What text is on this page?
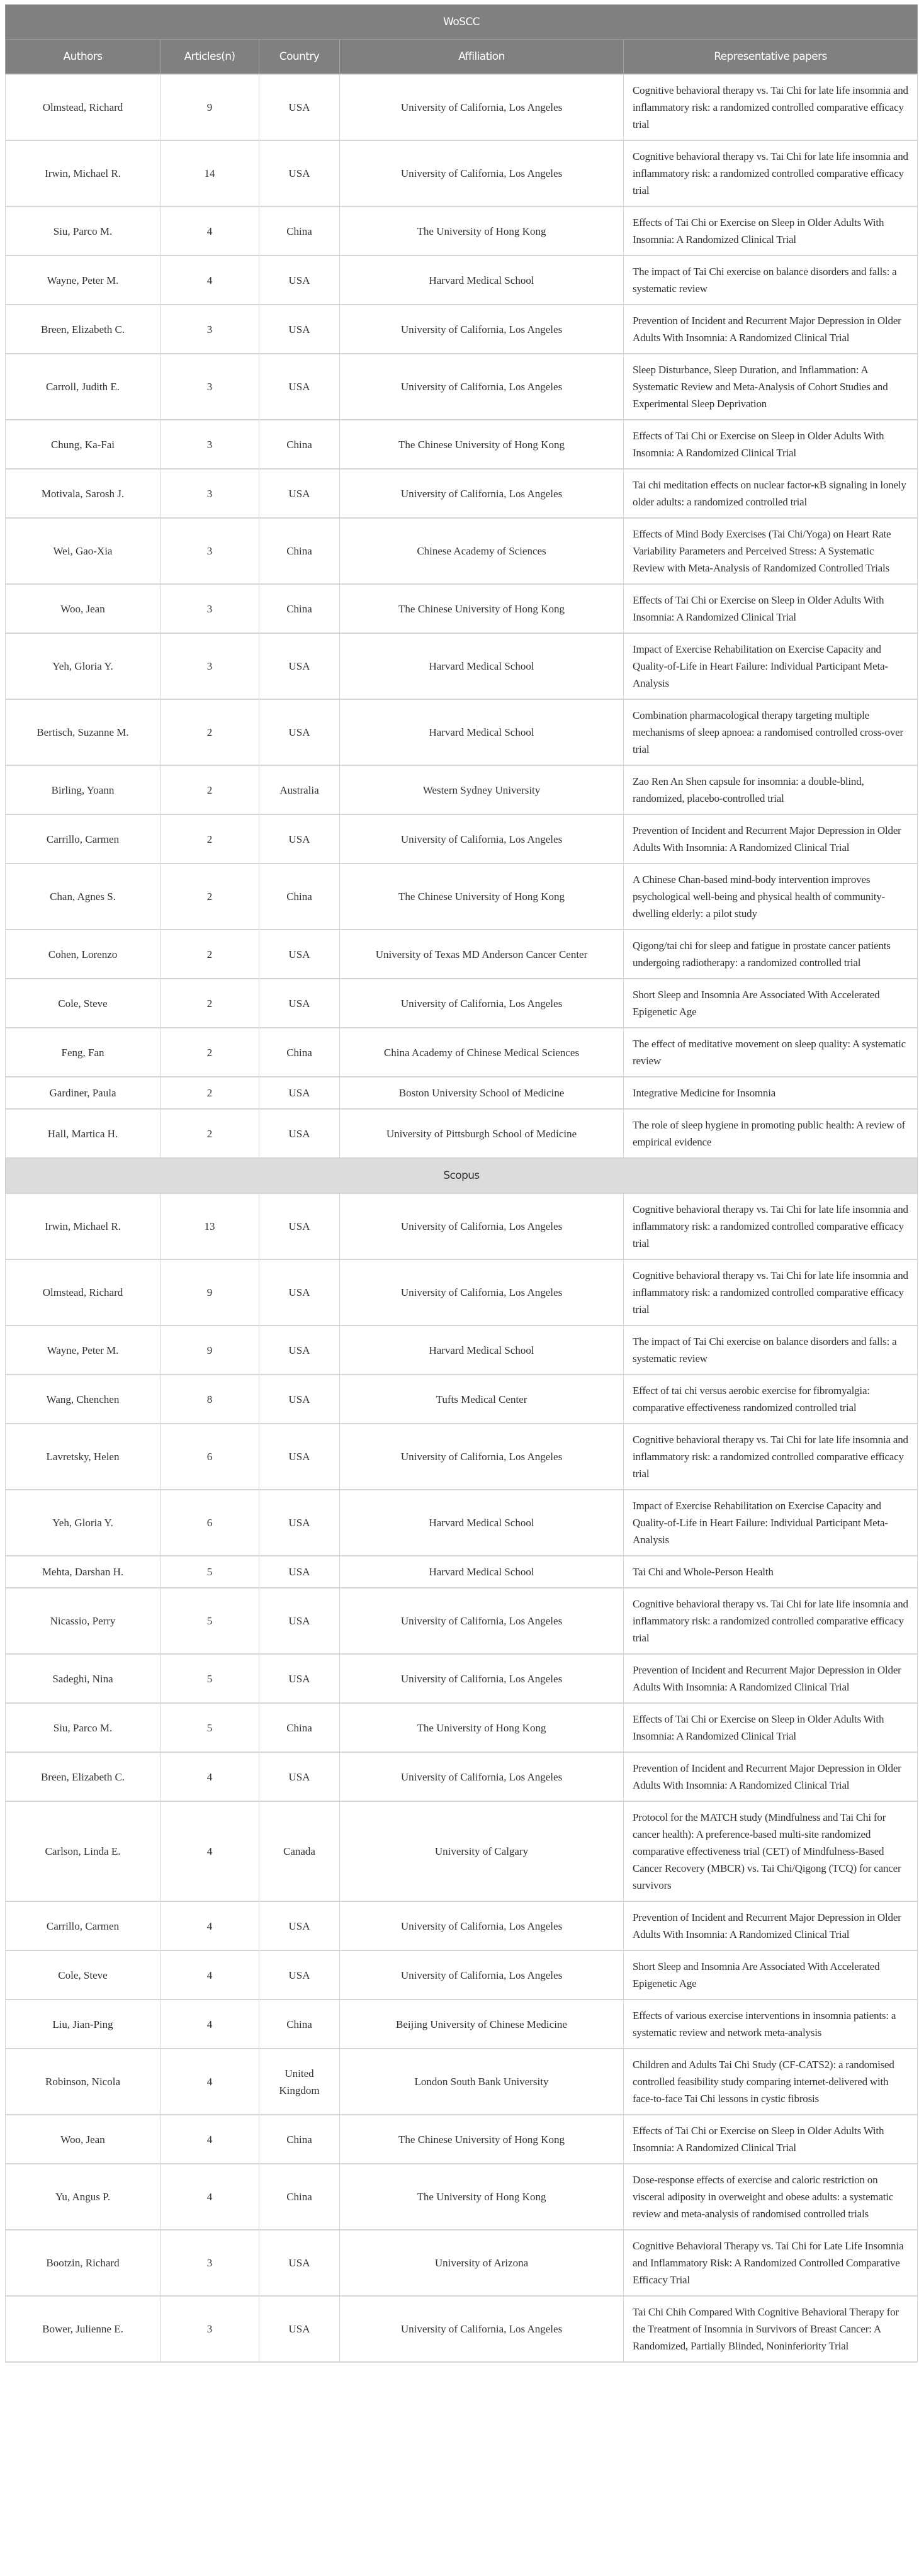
WoSCC				
Authors	Articles(n)	Country	Affiliation	Representative papers
Olmstead, Richard	9	USA	University of California, Los Angeles	Cognitive behavioral therapy vs. Tai Chi for late life insomnia and inflammatory risk: a randomized controlled comparative efficacy trial
Irwin, Michael R.	14	USA	University of California, Los Angeles	Cognitive behavioral therapy vs. Tai Chi for late life insomnia and inflammatory risk: a randomized controlled comparative efficacy trial
Siu, Parco M.	4	China	The University of Hong Kong	Effects of Tai Chi or Exercise on Sleep in Older Adults With Insomnia: A Randomized Clinical Trial
Wayne, Peter M.	4	USA	Harvard Medical School	The impact of Tai Chi exercise on balance disorders and falls: a systematic review
Breen, Elizabeth C.	3	USA	University of California, Los Angeles	Prevention of Incident and Recurrent Major Depression in Older Adults With Insomnia: A Randomized Clinical Trial
Carroll, Judith E.	3	USA	University of California, Los Angeles	Sleep Disturbance, Sleep Duration, and Inflammation: A Systematic Review and Meta-Analysis of Cohort Studies and Experimental Sleep Deprivation
Chung, Ka-Fai	3	China	The Chinese University of Hong Kong	Effects of Tai Chi or Exercise on Sleep in Older Adults With Insomnia: A Randomized Clinical Trial
Motivala, Sarosh J.	3	USA	University of California, Los Angeles	Tai chi meditation effects on nuclear factor-κB signaling in lonely older adults: a randomized controlled trial
Wei, Gao-Xia	3	China	Chinese Academy of Sciences	Effects of Mind Body Exercises (Tai Chi/Yoga) on Heart Rate Variability Parameters and Perceived Stress: A Systematic Review with Meta-Analysis of Randomized Controlled Trials
Woo, Jean	3	China	The Chinese University of Hong Kong	Effects of Tai Chi or Exercise on Sleep in Older Adults With Insomnia: A Randomized Clinical Trial
Yeh, Gloria Y.	3	USA	Harvard Medical School	Impact of Exercise Rehabilitation on Exercise Capacity and Quality-of-Life in Heart Failure: Individual Participant Meta-Analysis
Bertisch, Suzanne M.	2	USA	Harvard Medical School	Combination pharmacological therapy targeting multiple mechanisms of sleep apnoea: a randomised controlled cross-over trial
Birling, Yoann	2	Australia	Western Sydney University	Zao Ren An Shen capsule for insomnia: a double-blind, randomized, placebo-controlled trial
Carrillo, Carmen	2	USA	University of California, Los Angeles	Prevention of Incident and Recurrent Major Depression in Older Adults With Insomnia: A Randomized Clinical Trial
Chan, Agnes S.	2	China	The Chinese University of Hong Kong	A Chinese Chan-based mind-body intervention improves psychological well-being and physical health of community-dwelling elderly: a pilot study
Cohen, Lorenzo	2	USA	University of Texas MD Anderson Cancer Center	Qigong/tai chi for sleep and fatigue in prostate cancer patients undergoing radiotherapy: a randomized controlled trial
Cole, Steve	2	USA	University of California, Los Angeles	Short Sleep and Insomnia Are Associated With Accelerated Epigenetic Age
Feng, Fan	2	China	China Academy of Chinese Medical Sciences	The effect of meditative movement on sleep quality: A systematic review
Gardiner, Paula	2	USA	Boston University School of Medicine	Integrative Medicine for Insomnia
Hall, Martica H.	2	USA	University of Pittsburgh School of Medicine	The role of sleep hygiene in promoting public health: A review of empirical evidence
Scopus				
Irwin, Michael R.	13	USA	University of California, Los Angeles	Cognitive behavioral therapy vs. Tai Chi for late life insomnia and inflammatory risk: a randomized controlled comparative efficacy trial
Olmstead, Richard	9	USA	University of California, Los Angeles	Cognitive behavioral therapy vs. Tai Chi for late life insomnia and inflammatory risk: a randomized controlled comparative efficacy trial
Wayne, Peter M.	9	USA	Harvard Medical School	The impact of Tai Chi exercise on balance disorders and falls: a systematic review
Wang, Chenchen	8	USA	Tufts Medical Center	Effect of tai chi versus aerobic exercise for fibromyalgia: comparative effectiveness randomized controlled trial
Lavretsky, Helen	6	USA	University of California, Los Angeles	Cognitive behavioral therapy vs. Tai Chi for late life insomnia and inflammatory risk: a randomized controlled comparative efficacy trial
Yeh, Gloria Y.	6	USA	Harvard Medical School	Impact of Exercise Rehabilitation on Exercise Capacity and Quality-of-Life in Heart Failure: Individual Participant Meta-Analysis
Mehta, Darshan H.	5	USA	Harvard Medical School	Tai Chi and Whole-Person Health
Nicassio, Perry	5	USA	University of California, Los Angeles	Cognitive behavioral therapy vs. Tai Chi for late life insomnia and inflammatory risk: a randomized controlled comparative efficacy trial
Sadeghi, Nina	5	USA	University of California, Los Angeles	Prevention of Incident and Recurrent Major Depression in Older Adults With Insomnia: A Randomized Clinical Trial
Siu, Parco M.	5	China	The University of Hong Kong	Effects of Tai Chi or Exercise on Sleep in Older Adults With Insomnia: A Randomized Clinical Trial
Breen, Elizabeth C.	4	USA	University of California, Los Angeles	Prevention of Incident and Recurrent Major Depression in Older Adults With Insomnia: A Randomized Clinical Trial
Carlson, Linda E.	4	Canada	University of Calgary	Protocol for the MATCH study (Mindfulness and Tai Chi for cancer health): A preference-based multi-site randomized comparative effectiveness trial (CET) of Mindfulness-Based Cancer Recovery (MBCR) vs. Tai Chi/Qigong (TCQ) for cancer survivors
Carrillo, Carmen	4	USA	University of California, Los Angeles	Prevention of Incident and Recurrent Major Depression in Older Adults With Insomnia: A Randomized Clinical Trial
Cole, Steve	4	USA	University of California, Los Angeles	Short Sleep and Insomnia Are Associated With Accelerated Epigenetic Age
Liu, Jian-Ping	4	China	Beijing University of Chinese Medicine	Effects of various exercise interventions in insomnia patients: a systematic review and network meta-analysis
Robinson, Nicola	4	United Kingdom	London South Bank University	Children and Adults Tai Chi Study (CF-CATS2): a randomised controlled feasibility study comparing internet-delivered with face-to-face Tai Chi lessons in cystic fibrosis
Woo, Jean	4	China	The Chinese University of Hong Kong	Effects of Tai Chi or Exercise on Sleep in Older Adults With Insomnia: A Randomized Clinical Trial
Yu, Angus P.	4	China	The University of Hong Kong	Dose-response effects of exercise and caloric restriction on visceral adiposity in overweight and obese adults: a systematic review and meta-analysis of randomised controlled trials
Bootzin, Richard	3	USA	University of Arizona	Cognitive Behavioral Therapy vs. Tai Chi for Late Life Insomnia and Inflammatory Risk: A Randomized Controlled Comparative Efficacy Trial
Bower, Julienne E.	3	USA	University of California, Los Angeles	Tai Chi Chih Compared With Cognitive Behavioral Therapy for the Treatment of Insomnia in Survivors of Breast Cancer: A Randomized, Partially Blinded, Noninferiority Trial
